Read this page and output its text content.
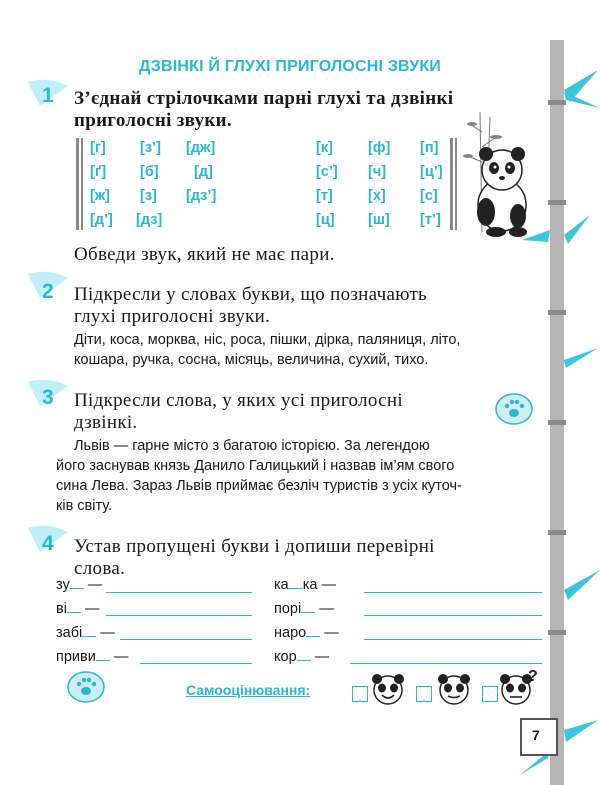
ДЗВІНКІ Й ГЛУХІ ПРИГОЛОСНІ ЗВУКИ
1 З’єднай стрілочками парні глухі та дзвінкі
приголосні звуки.
[г] [з’] [дж]
[ґ] [б] [д]
[ж] [з] [дз’]
[д’] [дз]
[к] [ф] [п]
[с’] [ч] [ц’]
[т] [х] [с]
[ц] [ш] [т’]
Обведи звук, який не має пари.
2 Підкресли у словах букви, що позначають
глухі приголосні звуки.
Діти, коса, морква, ніс, роса, пішки, дірка, паляниця, літо,
кошара, ручка, сосна, місяць, величина, сухий, тихо.
3 Підкресли слова, у яких усі приголосні
дзвінкі.
Львів — гарне місто з багатою історією. За легендою
його заснував князь Данило Галицький і назвав ім’ям свого
сина Лева. Зараз Львів приймає безліч туристів з усіх куточ-
ків світу.
4 Устав пропущені букви і допиши перевірні
слова.
зу —
ві —
забі —
приви —
ка ка —
порі —
наро —
кор —
Самооцінювання:
?
7
